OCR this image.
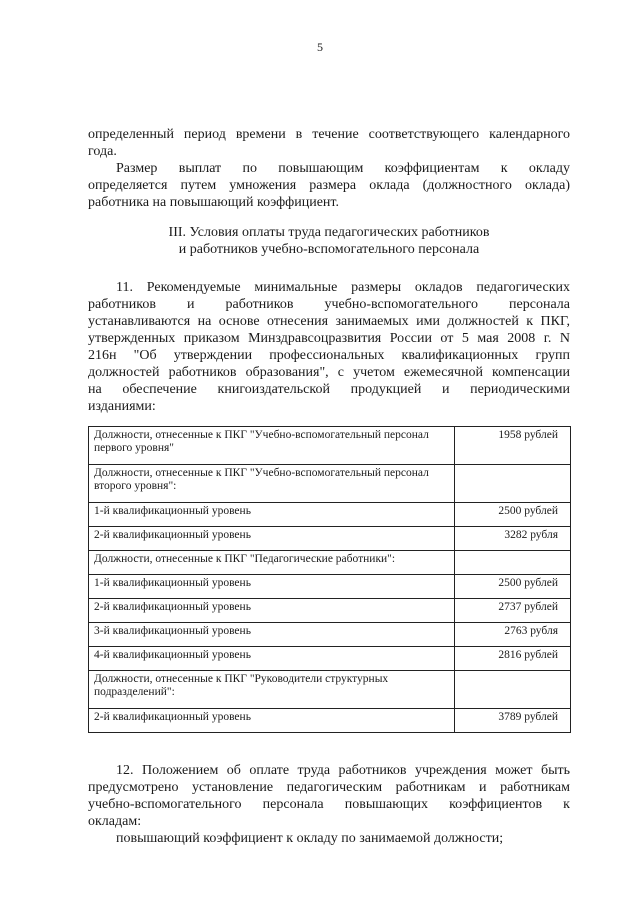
5

определенный период времени в течение соответствующего календарного

года.

Размер выплат по повышающим коэффициентам к окладу

определяется путем умножения размера оклада (должностного оклада)

работника на повышающий коэффициент.

III. Условия оплаты труда педагогических работников
и работников учебно-вспомогательного персонала

11. Рекомендуемые минимальные размеры окладов педагогических

работников и работников учебно-вспомогательного персонала

устанавливаются на основе отнесения занимаемых ими должностей к ПКГ,

утвержденных приказом Минздравсоцразвития России от 5 мая 2008 г. N

216н "Об утверждении профессиональных квалификационных групп

должностей работников образования", с учетом ежемесячной компенсации

на обеспечение книгоиздательской продукцией и периодическими

изданиями:

Должности, отнесенные к ПКГ "Учебно-вспомогательный персонал первого уровня"	1958 рублей
Должности, отнесенные к ПКГ "Учебно-вспомогательный персонал второго уровня":	
1-й квалификационный уровень	2500 рублей
2-й квалификационный уровень	3282 рубля
Должности, отнесенные к ПКГ "Педагогические работники":	
1-й квалификационный уровень	2500 рублей
2-й квалификационный уровень	2737 рублей
3-й квалификационный уровень	2763 рубля
4-й квалификационный уровень	2816 рублей
Должности, отнесенные к ПКГ "Руководители структурных подразделений":	
2-й квалификационный уровень	3789 рублей

12. Положением об оплате труда работников учреждения может быть

предусмотрено установление педагогическим работникам и работникам

учебно-вспомогательного персонала повышающих коэффициентов к

окладам:

повышающий коэффициент к окладу по занимаемой должности;
